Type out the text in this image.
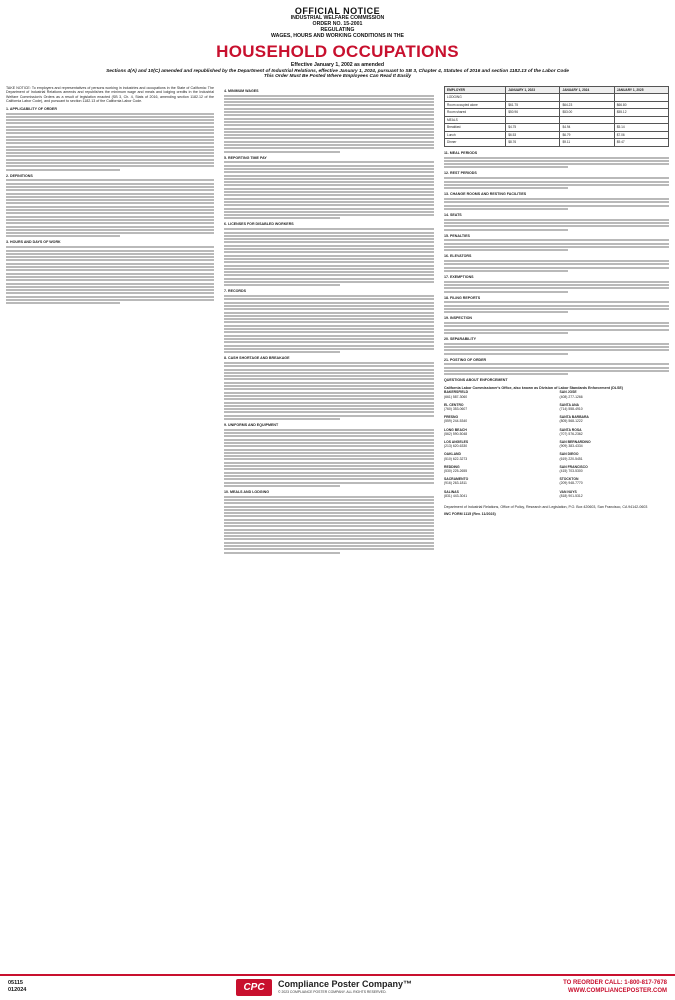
OFFICIAL NOTICE
INDUSTRIAL WELFARE COMMISSION
ORDER NO. 15-2001
REGULATING
WAGES, HOURS AND WORKING CONDITIONS IN THE
HOUSEHOLD OCCUPATIONS
Effective January 1, 2002 as amended
Sections 4(A) and 10(C) amended and republished by the Department of Industrial Relations, effective January 1, 2024, pursuant to SB 3, Chapter 4, Statutes of 2016 and section 1182.13 of the Labor Code
This Order Must Be Posted Where Employees Can Read It Easily
TAKE NOTICE: To employers and representatives of persons working in industries and occupations in the State of California: The Department of Industrial Relations amends and republishes the minimum wage and meals and lodging credits in the Industrial Welfare Commission's Orders as a result of legislation enacted (SB 3, Ch. 4, Stats of 2016, amending section 1182.12 of the California Labor Code), and pursuant to section 1182.13 of the California Labor Code.
1. APPLICABILITY OF ORDER
2. DEFINITIONS
3. HOURS AND DAYS OF WORK
4. MINIMUM WAGES
5. REPORTING TIME PAY
6. LICENSES FOR DISABLED WORKERS
7. RECORDS
8. CASH SHORTAGE AND BREAKAGE
9. UNIFORMS AND EQUIPMENT
10. MEALS AND LODGING
EMPLOYER	JANUARY 1, 2023	JANUARY 1, 2024	JANUARY 1, 2025
LODGING			
Room occupied alone	$61.75	$64.23	$66.80
Room shared	$50.96	$53.00	$55.12
MEALS			
Breakfast	$4.75	$4.94	$5.14
Lunch	$6.53	$6.79	$7.06
Dinner	$8.76	$9.11	$9.47
11. MEAL PERIODS
12. REST PERIODS
13. CHANGE ROOMS AND RESTING FACILITIES
14. SEATS
15. PENALTIES
16. ELEVATORS
17. EXEMPTIONS
18. FILING REPORTS
19. INSPECTION
20. SEPARABILITY
21. POSTING OF ORDER
QUESTIONS ABOUT ENFORCEMENT
California Labor Commissioner's Office, also known as Division of Labor Standards Enforcement (DLSE)
BAKERSFIELD
(661) 587-3060
SAN JOSE
(408) 277-1266
EL CENTRO
(760) 353-0607
SANTA ANA
(714) 558-4910
FRESNO
(559) 244-5340
SANTA BARBARA
(805) 568-1222
LONG BEACH
(562) 590-5048
SANTA ROSA
(707) 576-2362
LOS ANGELES
(213) 620-6330
SAN BERNARDINO
(909) 383-4334
OAKLAND
(510) 622-3273
SAN DIEGO
(619) 220-5451
REDDING
(530) 225-2655
SAN FRANCISCO
(415) 703-5300
SACRAMENTO
(916) 263-1811
STOCKTON
(209) 948-7770
SALINAS
(831) 443-3041
VAN NUYS
(818) 901-5312
Department of Industrial Relations, Office of Policy, Research and Legislation, P.O. Box 420603, San Francisco, CA 94142-0603
IWC FORM 1115 (Rev. 11/2023)
05115
012024	CPC	Compliance Poster Company™
© 2023 COMPLIANCE POSTER COMPANY. ALL RIGHTS RESERVED.
TO REORDER CALL: 1-800-817-7678
WWW.COMPLIANCEPOSTER.COM
